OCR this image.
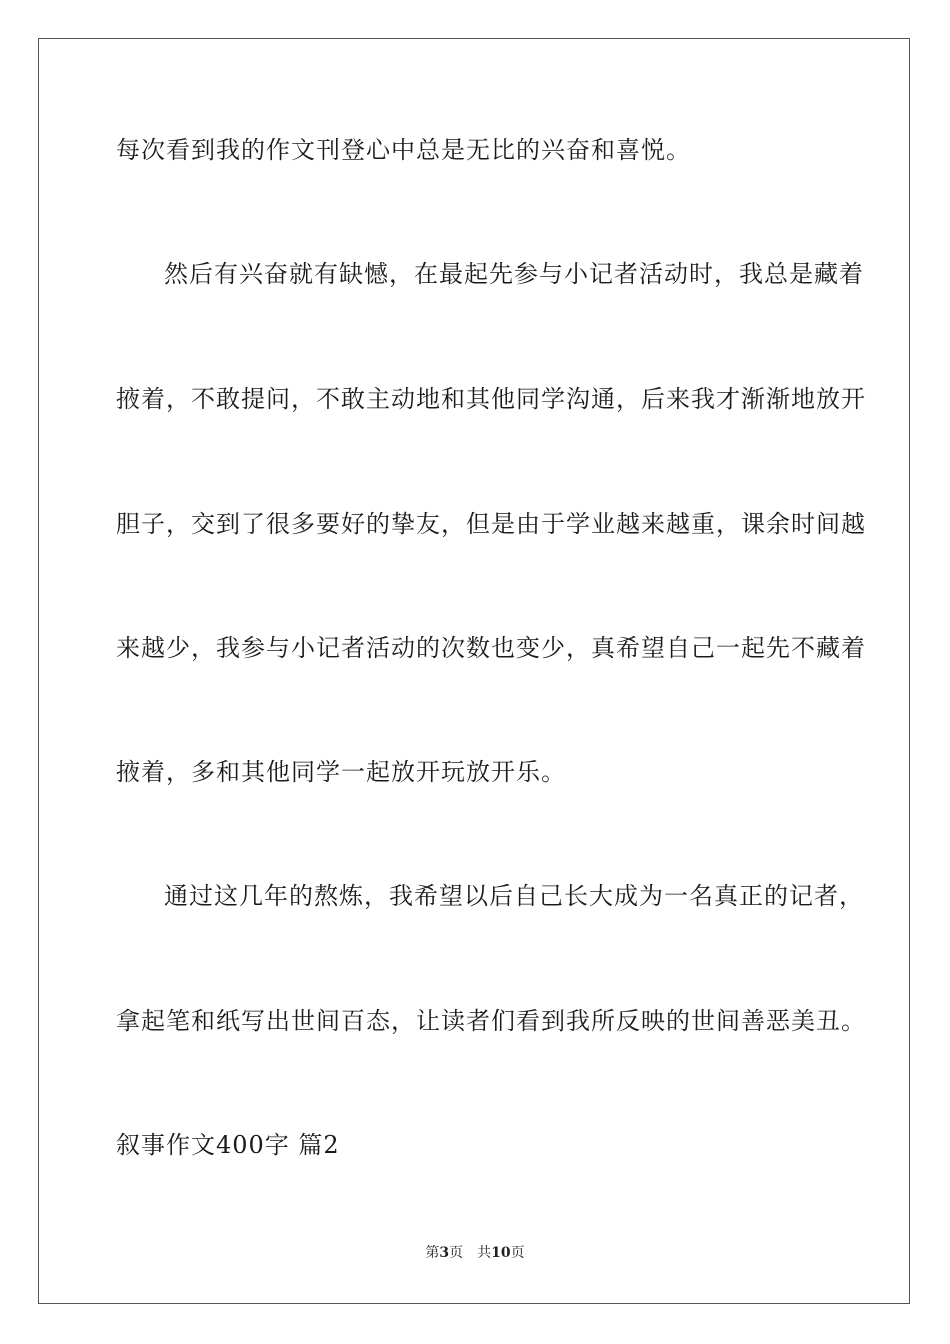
每次看到我的作文刊登心中总是无比的兴奋和喜悦。
然后有兴奋就有缺憾，在最起先参与小记者活动时，我总是藏着
掖着，不敢提问，不敢主动地和其他同学沟通，后来我才渐渐地放开
胆子，交到了很多要好的挚友，但是由于学业越来越重，课余时间越
来越少，我参与小记者活动的次数也变少，真希望自己一起先不藏着
掖着，多和其他同学一起放开玩放开乐。
通过这几年的熬炼，我希望以后自己长大成为一名真正的记者，
拿起笔和纸写出世间百态，让读者们看到我所反映的世间善恶美丑。
叙事作文400字 篇2
第3页 共10页
